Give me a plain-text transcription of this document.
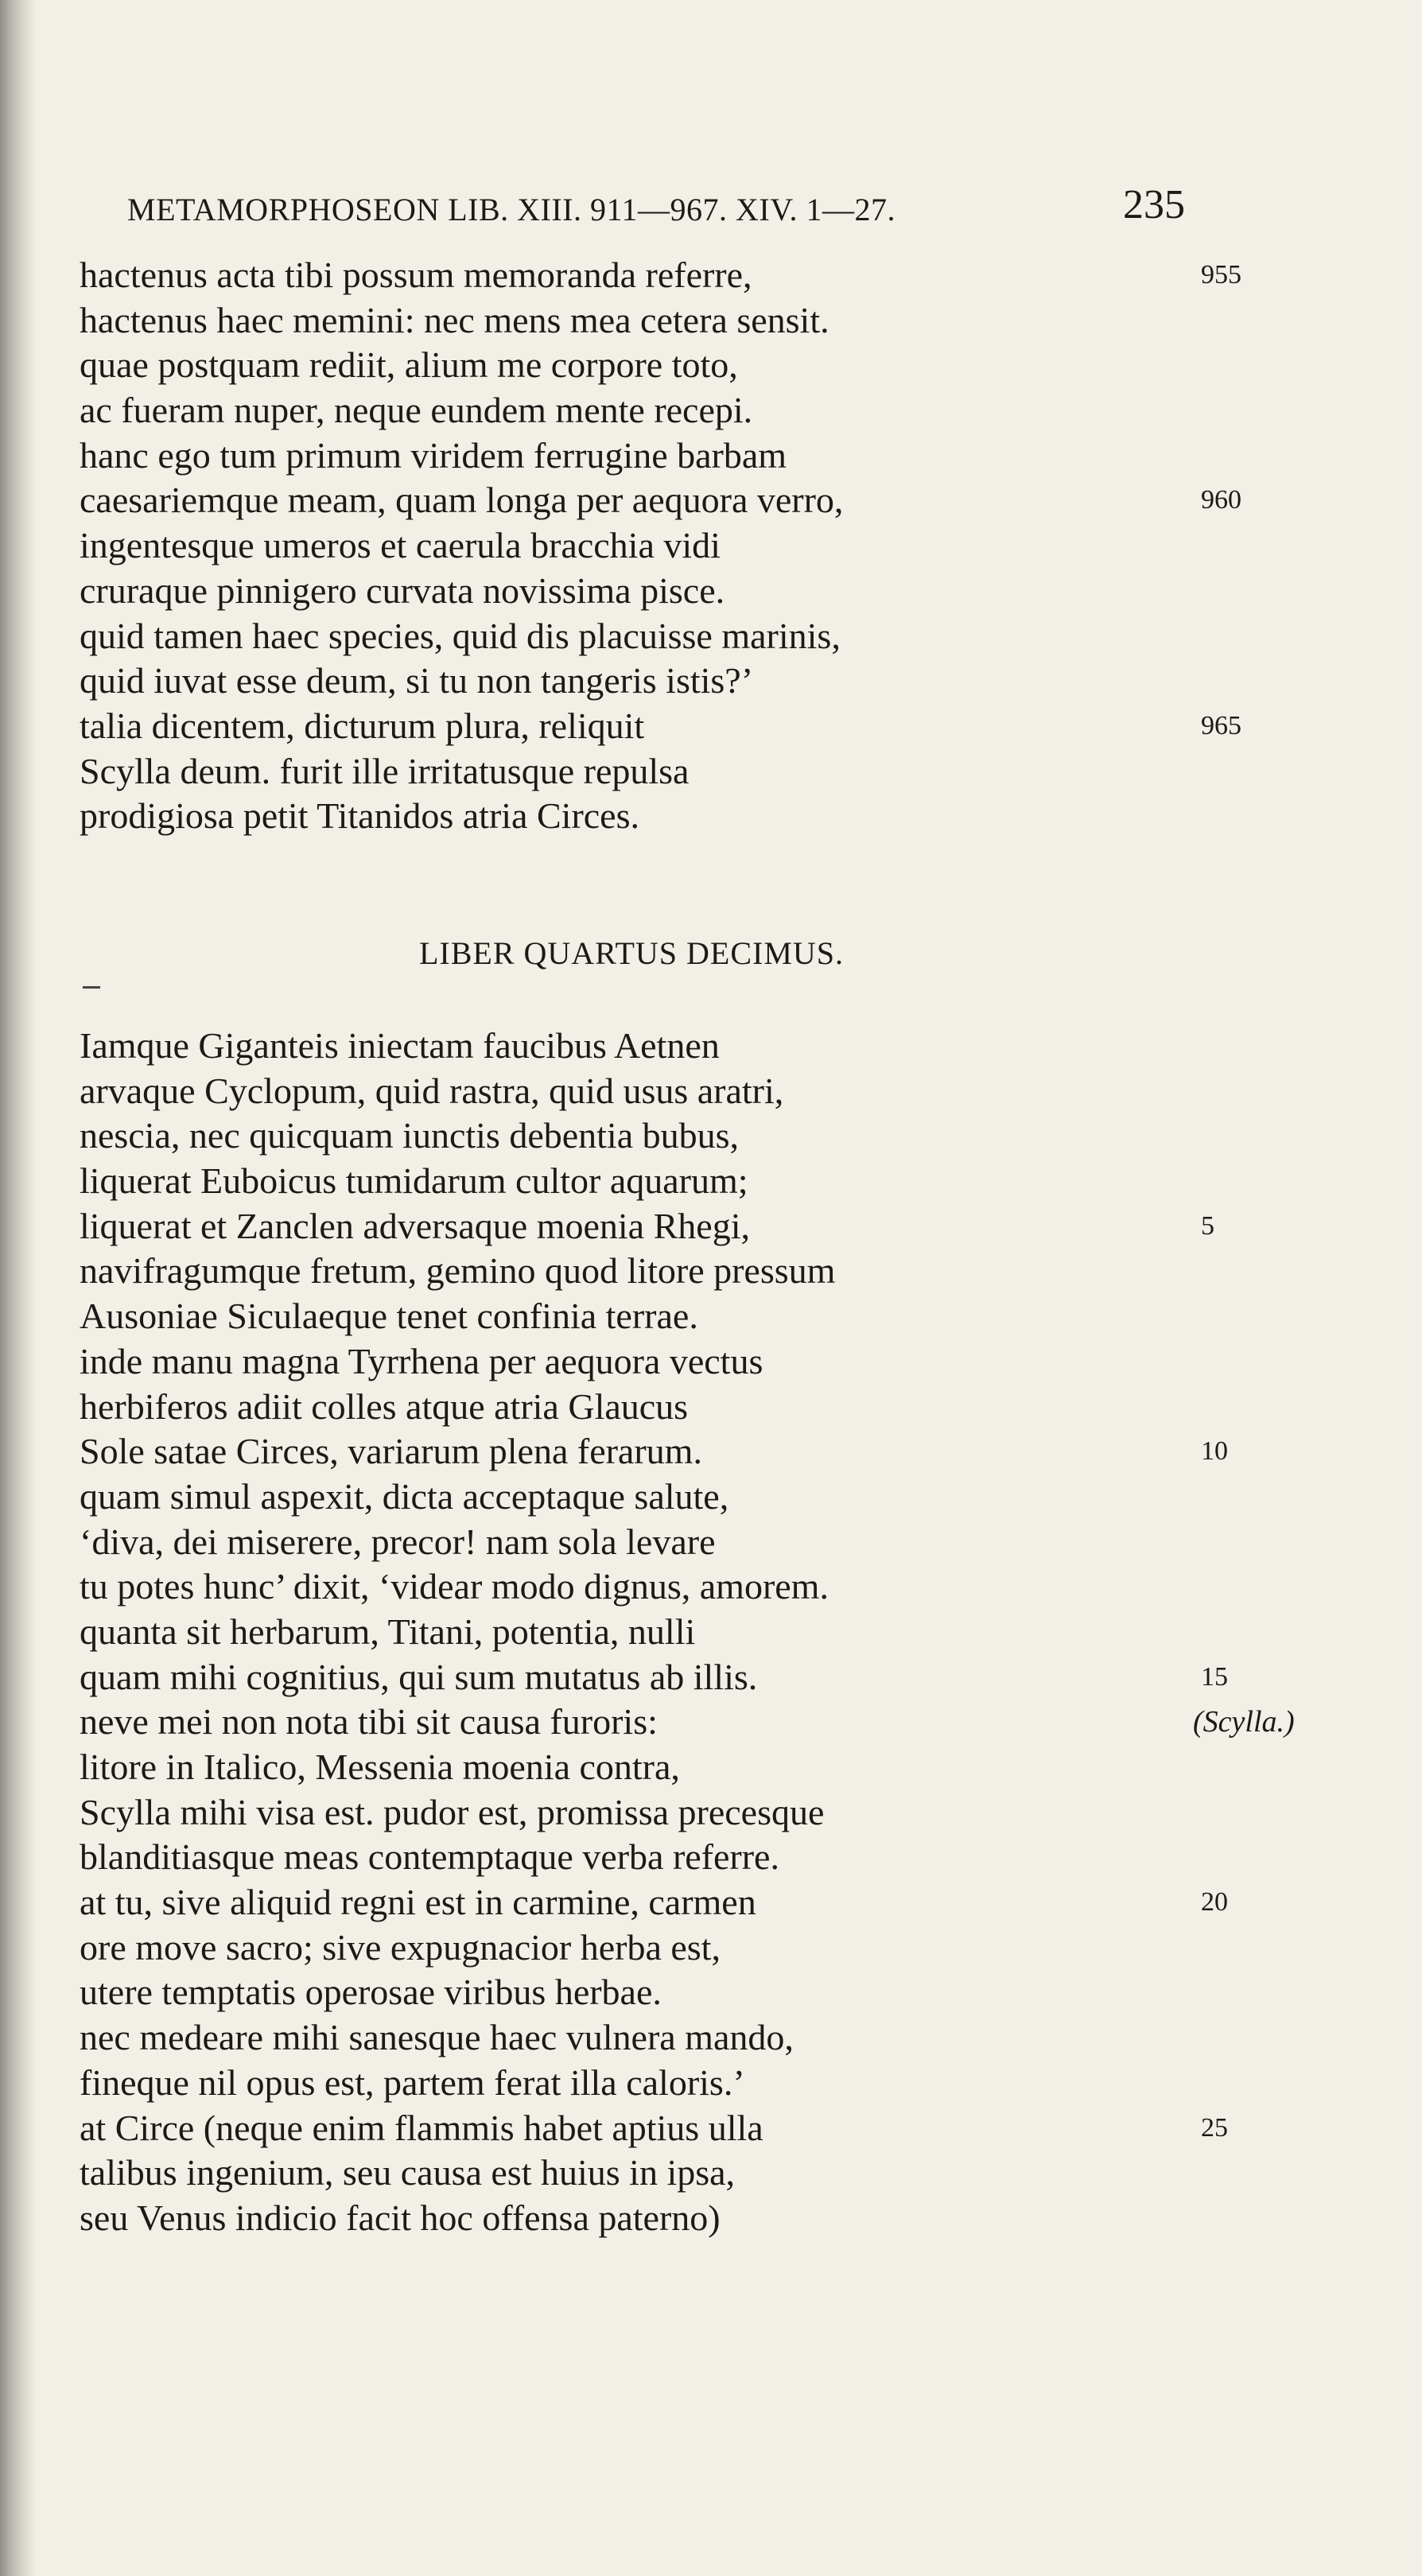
METAMORPHOSEON LIB. XIII. 911—967. XIV. 1—27.	235
hactenus acta tibi possum memoranda referre,	955
hactenus haec memini: nec mens mea cetera sensit.
quae postquam rediit, alium me corpore toto,
ac fueram nuper, neque eundem mente recepi.
hanc ego tum primum viridem ferrugine barbam
caesariemque meam, quam longa per aequora verro,	960
ingentesque umeros et caerula bracchia vidi
cruraque pinnigero curvata novissima pisce.
quid tamen haec species, quid dis placuisse marinis,
quid iuvat esse deum, si tu non tangeris istis?’
talia dicentem, dicturum plura, reliquit	965
Scylla deum. furit ille irritatusque repulsa
prodigiosa petit Titanidos atria Circes.
LIBER QUARTUS DECIMUS.
Iamque Giganteis iniectam faucibus Aetnen
arvaque Cyclopum, quid rastra, quid usus aratri,
nescia, nec quicquam iunctis debentia bubus,
liquerat Euboicus tumidarum cultor aquarum;
liquerat et Zanclen adversaque moenia Rhegi,	5
navifragumque fretum, gemino quod litore pressum
Ausoniae Siculaeque tenet confinia terrae.
inde manu magna Tyrrhena per aequora vectus
herbiferos adiit colles atque atria Glaucus
Sole satae Circes, variarum plena ferarum.	10
quam simul aspexit, dicta acceptaque salute,
‘diva, dei miserere, precor! nam sola levare
tu potes hunc’ dixit, ‘videar modo dignus, amorem.
quanta sit herbarum, Titani, potentia, nulli
quam mihi cognitius, qui sum mutatus ab illis.	15
neve mei non nota tibi sit causa furoris:	(Scylla.)
litore in Italico, Messenia moenia contra,
Scylla mihi visa est. pudor est, promissa precesque
blanditiasque meas contemptaque verba referre.
at tu, sive aliquid regni est in carmine, carmen	20
ore move sacro; sive expugnacior herba est,
utere temptatis operosae viribus herbae.
nec medeare mihi sanesque haec vulnera mando,
fineque nil opus est, partem ferat illa caloris.’
at Circe (neque enim flammis habet aptius ulla	25
talibus ingenium, seu causa est huius in ipsa,
seu Venus indicio facit hoc offensa paterno)
